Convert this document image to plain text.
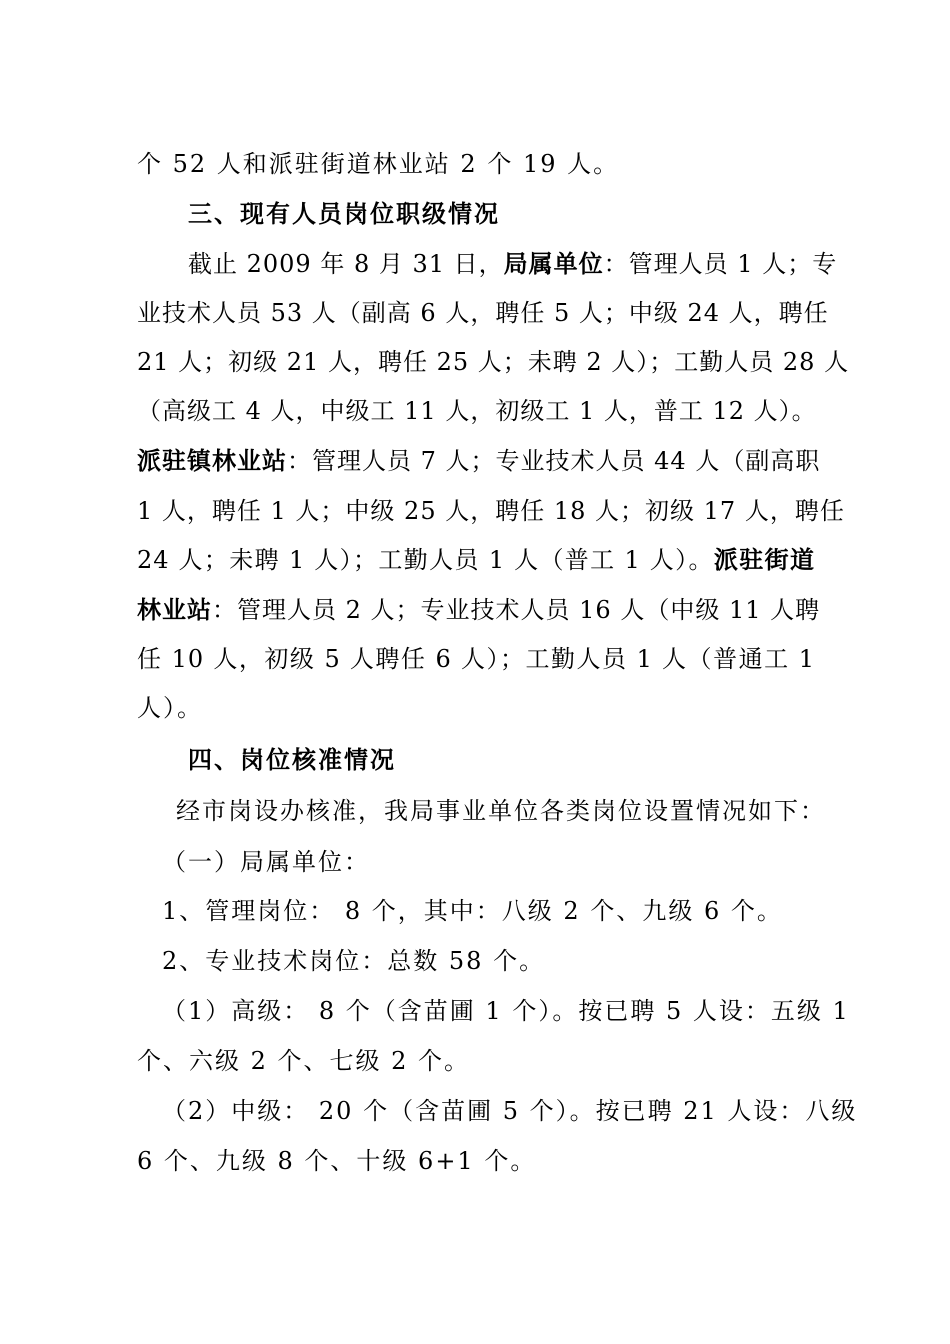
个 52 人和派驻街道林业站 2 个 19 人。
三、现有人员岗位职级情况
截止 2009 年 8 月 31 日，局属单位：管理人员 1 人；专
业技术人员 53 人（副高 6 人，聘任 5 人；中级 24 人，聘任
21 人；初级 21 人，聘任 25 人；未聘 2 人）；工勤人员 28 人
（高级工 4 人，中级工 11 人，初级工 1 人，普工 12 人）。
派驻镇林业站：管理人员 7 人；专业技术人员 44 人（副高职
1 人，聘任 1 人；中级 25 人，聘任 18 人；初级 17 人，聘任
24 人；未聘 1 人）；工勤人员 1 人（普工 1 人）。派驻街道
林业站：管理人员 2 人；专业技术人员 16 人（中级 11 人聘
任 10 人，初级 5 人聘任 6 人）；工勤人员 1 人（普通工 1
人）。
四、岗位核准情况
经市岗设办核准，我局事业单位各类岗位设置情况如下：
（一）局属单位：
1、管理岗位： 8 个，其中：八级 2 个、九级 6 个。
2、专业技术岗位：总数 58 个。
（1）高级： 8 个（含苗圃 1 个）。按已聘 5 人设：五级 1
个、六级 2 个、七级 2 个。
（2）中级： 20 个（含苗圃 5 个）。按已聘 21 人设：八级
6 个、九级 8 个、十级 6+1 个。
